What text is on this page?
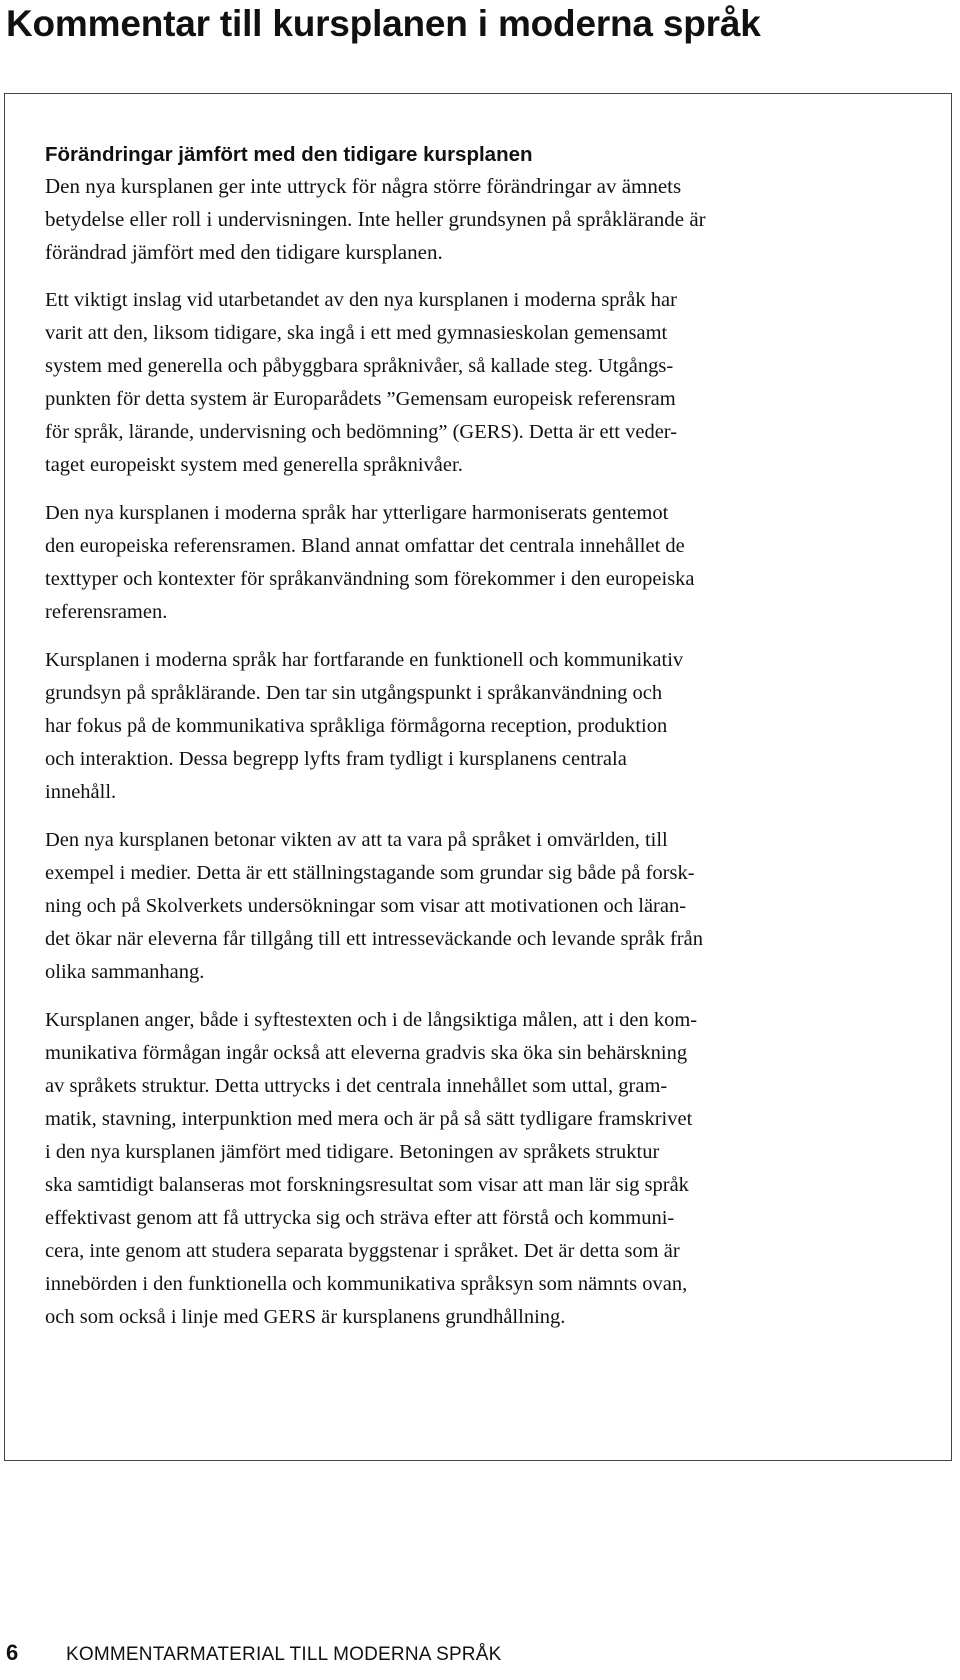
Kommentar till kursplanen i moderna språk
Förändringar jämfört med den tidigare kursplanen

Den nya kursplanen ger inte uttryck för några större förändringar av ämnets

betydelse eller roll i undervisningen. Inte heller grundsynen på språklärande är

förändrad jämfört med den tidigare kursplanen.

Ett viktigt inslag vid utarbetandet av den nya kursplanen i moderna språk har

varit att den, liksom tidigare, ska ingå i ett med gymnasieskolan gemensamt

system med generella och påbyggbara språknivåer, så kallade steg. Utgångs-

punkten för detta system är Europarådets ”Gemensam europeisk referensram

för språk, lärande, undervisning och bedömning” (GERS). Detta är ett veder-

taget europeiskt system med generella språknivåer.

Den nya kursplanen i moderna språk har ytterligare harmoniserats gentemot

den europeiska referensramen. Bland annat omfattar det centrala innehållet de

texttyper och kontexter för språkanvändning som förekommer i den europeiska

referensramen.

Kursplanen i moderna språk har fortfarande en funktionell och kommunikativ

grundsyn på språklärande. Den tar sin utgångspunkt i språkanvändning och

har fokus på de kommunikativa språkliga förmågorna reception, produktion

och interaktion. Dessa begrepp lyfts fram tydligt i kursplanens centrala

innehåll.

Den nya kursplanen betonar vikten av att ta vara på språket i omvärlden, till

exempel i medier. Detta är ett ställningstagande som grundar sig både på forsk-

ning och på Skolverkets undersökningar som visar att motivationen och läran-

det ökar när eleverna får tillgång till ett intresseväckande och levande språk från

olika sammanhang.

Kursplanen anger, både i syftestexten och i de långsiktiga målen, att i den kom-

munikativa förmågan ingår också att eleverna gradvis ska öka sin behärskning

av språkets struktur. Detta uttrycks i det centrala innehållet som uttal, gram-

matik, stavning, interpunktion med mera och är på så sätt tydligare framskrivet

i den nya kursplanen jämfört med tidigare. Betoningen av språkets struktur

ska samtidigt balanseras mot forskningsresultat som visar att man lär sig språk

effektivast genom att få uttrycka sig och sträva efter att förstå och kommuni-

cera, inte genom att studera separata byggstenar i språket. Det är detta som är

innebörden i den funktionella och kommunikativa språksyn som nämnts ovan,

och som också i linje med GERS är kursplanens grundhållning.

6	KOMMENTARMATERIAL TILL MODERNA SPRÅK
